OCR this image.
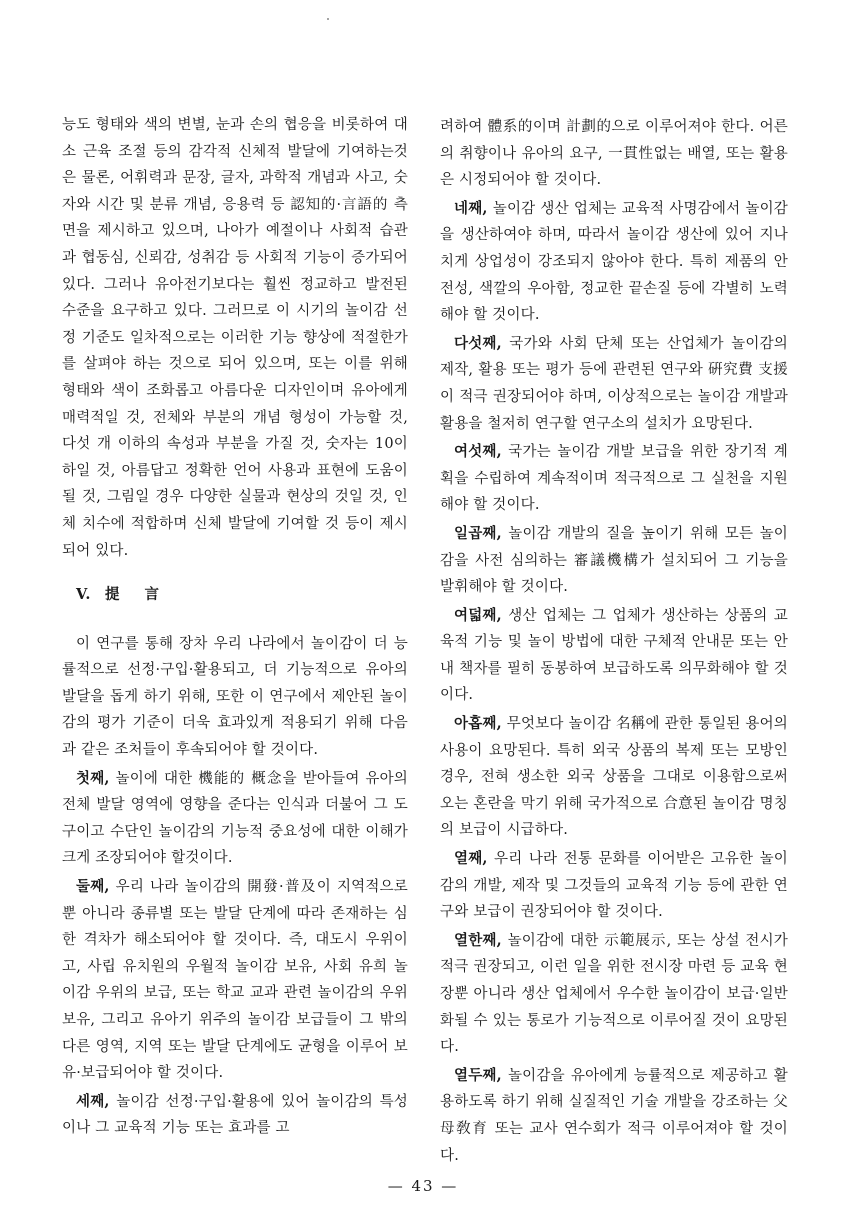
능도 형태와 색의 변별, 눈과 손의 협응을 비롯하여 대소 근육 조절 등의 감각적 신체적 발달에 기여하는것은 물론, 어휘력과 문장, 글자, 과학적 개념과 사고, 숫자와 시간 및 분류 개념, 응용력 등 認知的·言語的 측면을 제시하고 있으며, 나아가 예절이나 사회적 습관과 협동심, 신뢰감, 성취감 등 사회적 기능이 증가되어 있다. 그러나 유아전기보다는 훨씬 정교하고 발전된 수준을 요구하고 있다. 그러므로 이 시기의 놀이감 선정 기준도 일차적으로는 이러한 기능 향상에 적절한가를 살펴야 하는 것으로 되어 있으며, 또는 이를 위해 형태와 색이 조화롭고 아름다운 디자인이며 유아에게 매력적일 것, 전체와 부분의 개념 형성이 가능할 것, 다섯 개 이하의 속성과 부분을 가질 것, 숫자는 10이하일 것, 아름답고 정확한 언어 사용과 표현에 도움이 될 것, 그림일 경우 다양한 실물과 현상의 것일 것, 인체 치수에 적합하며 신체 발달에 기여할 것 등이 제시되어 있다.

V. 提 言

이 연구를 통해 장차 우리 나라에서 놀이감이 더 능률적으로 선정·구입·활용되고, 더 기능적으로 유아의 발달을 돕게 하기 위해, 또한 이 연구에서 제안된 놀이감의 평가 기준이 더욱 효과있게 적용되기 위해 다음과 같은 조처들이 후속되어야 할 것이다.

첫째, 놀이에 대한 機能的 概念을 받아들여 유아의 전체 발달 영역에 영향을 준다는 인식과 더불어 그 도구이고 수단인 놀이감의 기능적 중요성에 대한 이해가 크게 조장되어야 할것이다.

둘째, 우리 나라 놀이감의 開發·普及이 지역적으로 뿐 아니라 종류별 또는 발달 단계에 따라 존재하는 심한 격차가 해소되어야 할 것이다. 즉, 대도시 우위이고, 사립 유치원의 우월적 놀이감 보유, 사회 유희 놀이감 우위의 보급, 또는 학교 교과 관련 놀이감의 우위 보유, 그리고 유아기 위주의 놀이감 보급들이 그 밖의 다른 영역, 지역 또는 발달 단계에도 균형을 이루어 보유·보급되어야 할 것이다.

세째, 놀이감 선정·구입·활용에 있어 놀이감의 특성이나 그 교육적 기능 또는 효과를 고

려하여 體系的이며 計劃的으로 이루어져야 한다. 어른의 취향이나 유아의 요구, 一貫性없는 배열, 또는 활용은 시정되어야 할 것이다.

네째, 놀이감 생산 업체는 교육적 사명감에서 놀이감을 생산하여야 하며, 따라서 놀이감 생산에 있어 지나치게 상업성이 강조되지 않아야 한다. 특히 제품의 안전성, 색깔의 우아함, 정교한 끝손질 등에 각별히 노력해야 할 것이다.

다섯째, 국가와 사회 단체 또는 산업체가 놀이감의 제작, 활용 또는 평가 등에 관련된 연구와 硏究費 支援이 적극 권장되어야 하며, 이상적으로는 놀이감 개발과 활용을 철저히 연구할 연구소의 설치가 요망된다.

여섯째, 국가는 놀이감 개발 보급을 위한 장기적 계획을 수립하여 계속적이며 적극적으로 그 실천을 지원해야 할 것이다.

일곱째, 놀이감 개발의 질을 높이기 위해 모든 놀이감을 사전 심의하는 審議機構가 설치되어 그 기능을 발휘해야 할 것이다.

여덟째, 생산 업체는 그 업체가 생산하는 상품의 교육적 기능 및 놀이 방법에 대한 구체적 안내문 또는 안내 책자를 필히 동봉하여 보급하도록 의무화해야 할 것이다.

아홉째, 무엇보다 놀이감 名稱에 관한 통일된 용어의 사용이 요망된다. 특히 외국 상품의 복제 또는 모방인 경우, 전혀 생소한 외국 상품을 그대로 이용함으로써 오는 혼란을 막기 위해 국가적으로 合意된 놀이감 명칭의 보급이 시급하다.

열째, 우리 나라 전통 문화를 이어받은 고유한 놀이감의 개발, 제작 및 그것들의 교육적 기능 등에 관한 연구와 보급이 권장되어야 할 것이다.

열한째, 놀이감에 대한 示範展示, 또는 상설 전시가 적극 권장되고, 이런 일을 위한 전시장 마련 등 교육 현장뿐 아니라 생산 업체에서 우수한 놀이감이 보급·일반화될 수 있는 통로가 기능적으로 이루어질 것이 요망된다.

열두째, 놀이감을 유아에게 능률적으로 제공하고 활용하도록 하기 위해 실질적인 기술 개발을 강조하는 父母敎育 또는 교사 연수회가 적극 이루어져야 할 것이다.

— 43 —
